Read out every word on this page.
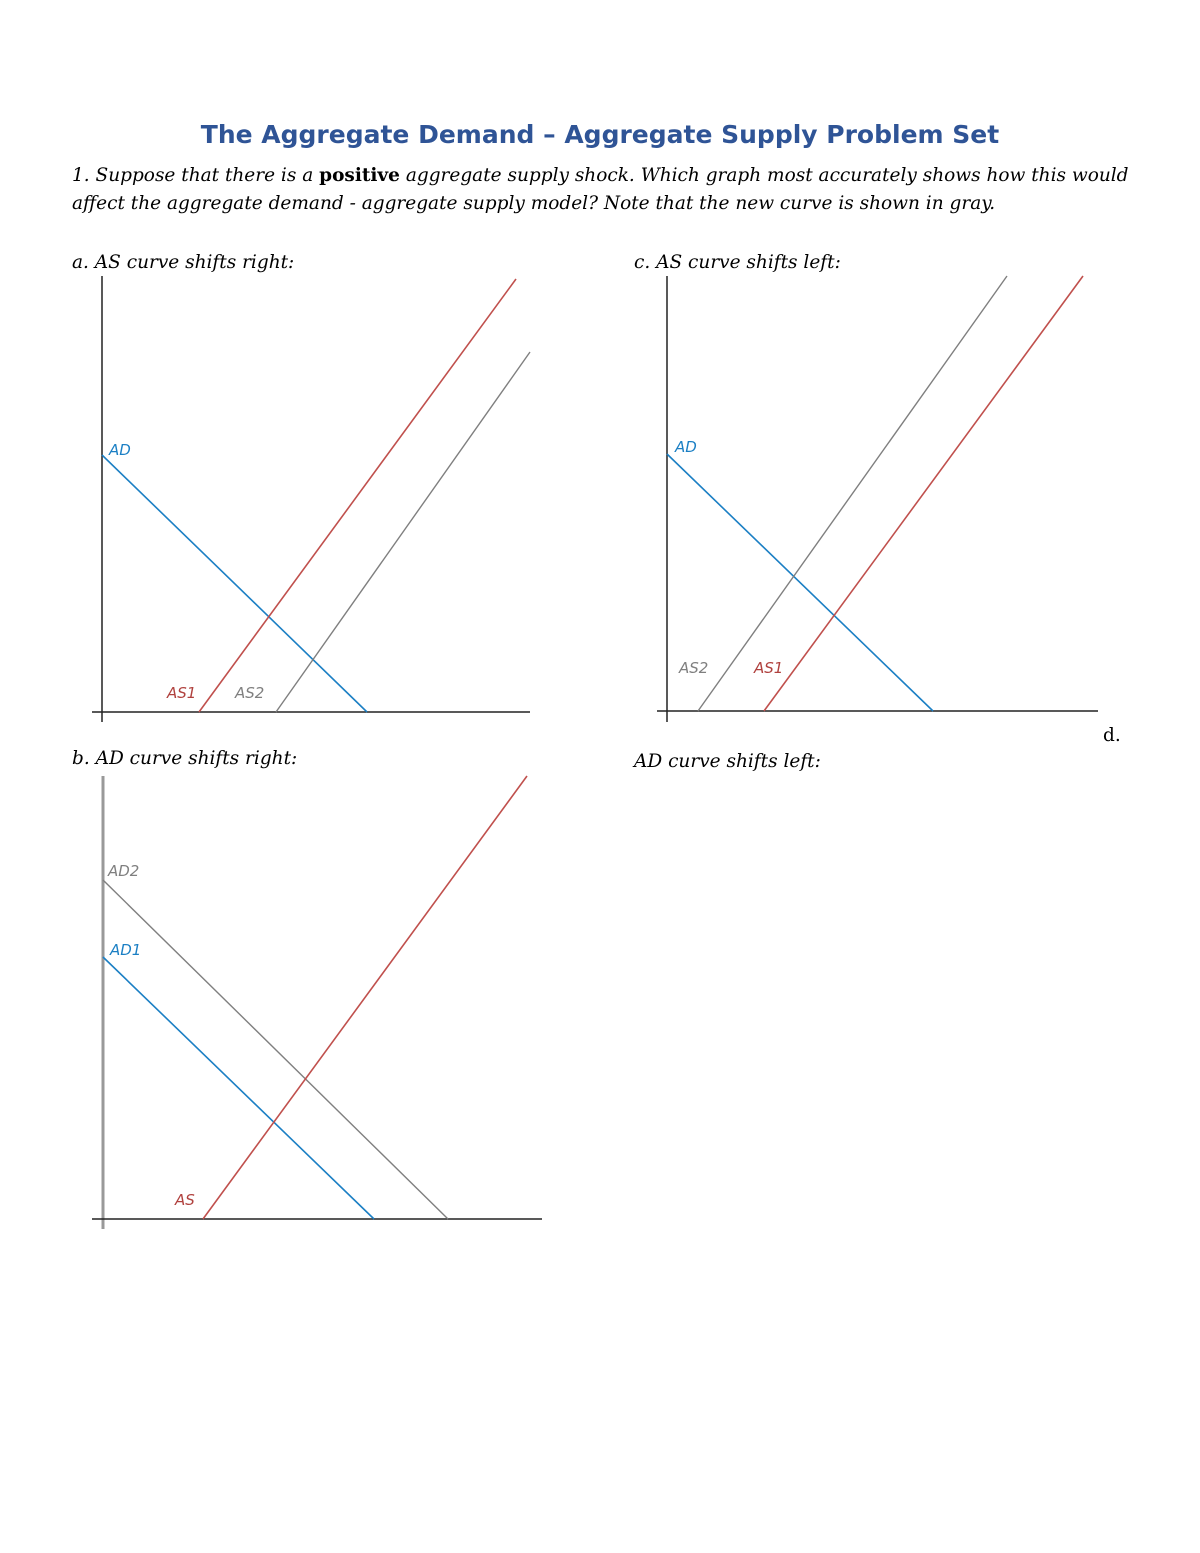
The Aggregate Demand – Aggregate Supply Problem Set

1. Suppose that there is a positive aggregate supply shock. Which graph most accurately shows how this would affect the aggregate demand - aggregate supply model? Note that the new curve is shown in gray.

a. AS curve shifts right:	c. AS curve shifts left:
b. AD curve shifts right:
d.
AD curve shifts left:
AD
AS1	AS2
AD
AS2	AS1
AD2
AD1
AS
